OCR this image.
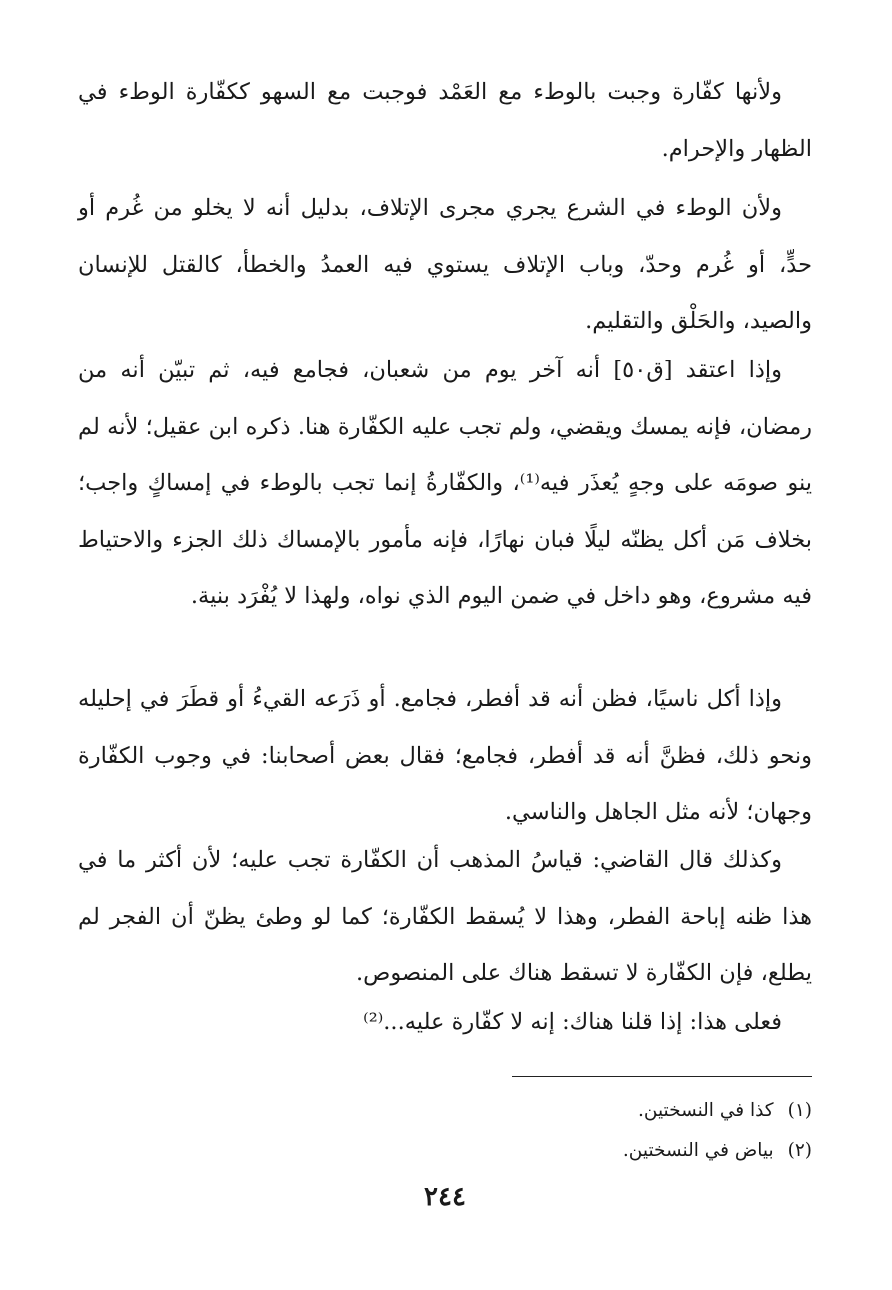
ولأنها كفّارة وجبت بالوطء مع العَمْد فوجبت مع السهو ككفّارة الوطء في الظهار والإحرام.

ولأن الوطء في الشرع يجري مجرى الإتلاف، بدليل أنه لا يخلو من غُرم أو حدٍّ، أو غُرم وحدّ، وباب الإتلاف يستوي فيه العمدُ والخطأ، كالقتل للإنسان والصيد، والحَلْق والتقليم.

وإذا اعتقد [ق٥٠] أنه آخر يوم من شعبان، فجامع فيه، ثم تبيّن أنه من رمضان، فإنه يمسك ويقضي، ولم تجب عليه الكفّارة هنا. ذكره ابن عقيل؛ لأنه لم ينو صومَه على وجهٍ يُعذَر فيه⁽¹⁾، والكفّارةُ إنما تجب بالوطء في إمساكٍ واجب؛ بخلاف مَن أكل يظنّه ليلًا فبان نهارًا، فإنه مأمور بالإمساك ذلك الجزء والاحتياط فيه مشروع، وهو داخل في ضمن اليوم الذي نواه، ولهذا لا يُفْرَد بنية.

وإذا أكل ناسيًا، فظن أنه قد أفطر، فجامع. أو ذَرَعه القيءُ أو قطَرَ في إحليله ونحو ذلك، فظنَّ أنه قد أفطر، فجامع؛ فقال بعض أصحابنا: في وجوب الكفّارة وجهان؛ لأنه مثل الجاهل والناسي.

وكذلك قال القاضي: قياسُ المذهب أن الكفّارة تجب عليه؛ لأن أكثر ما في هذا ظنه إباحة الفطر، وهذا لا يُسقط الكفّارة؛ كما لو وطئ يظنّ أن الفجر لم يطلع، فإن الكفّارة لا تسقط هناك على المنصوص.

فعلى هذا: إذا قلنا هناك: إنه لا كفّارة عليه...⁽²⁾

(١)كذا في النسختين.

(٢)بياض في النسختين.

٢٤٤
